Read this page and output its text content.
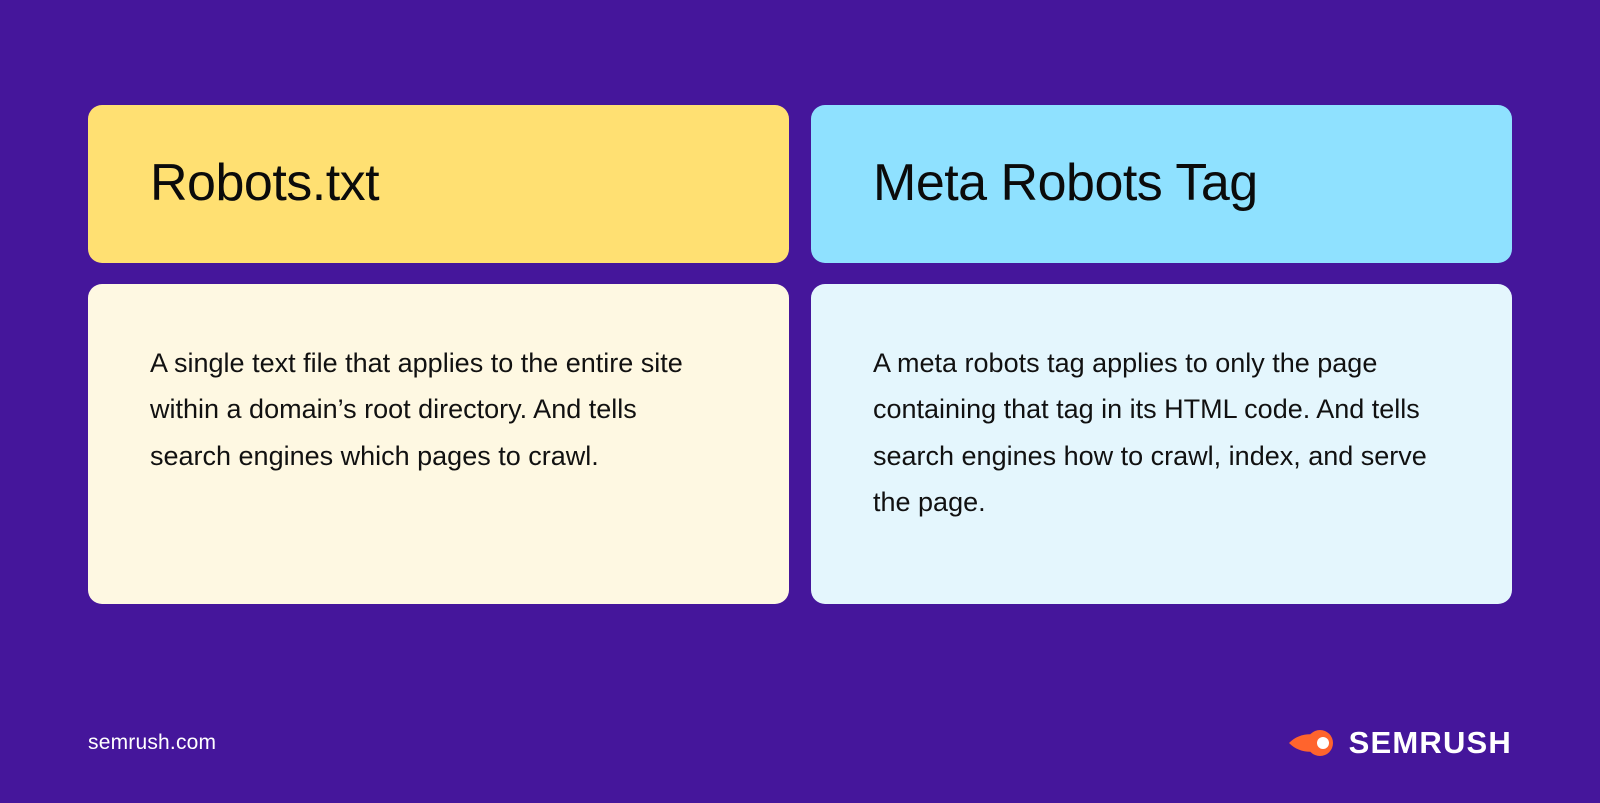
Robots.txt
A single text file that applies to the entire site within a domain’s root directory. And tells search engines which pages to crawl.
Meta Robots Tag
A meta robots tag applies to only the page containing that tag in its HTML code. And tells search engines how to crawl, index, and serve the page.
semrush.com	SEMRUSH
